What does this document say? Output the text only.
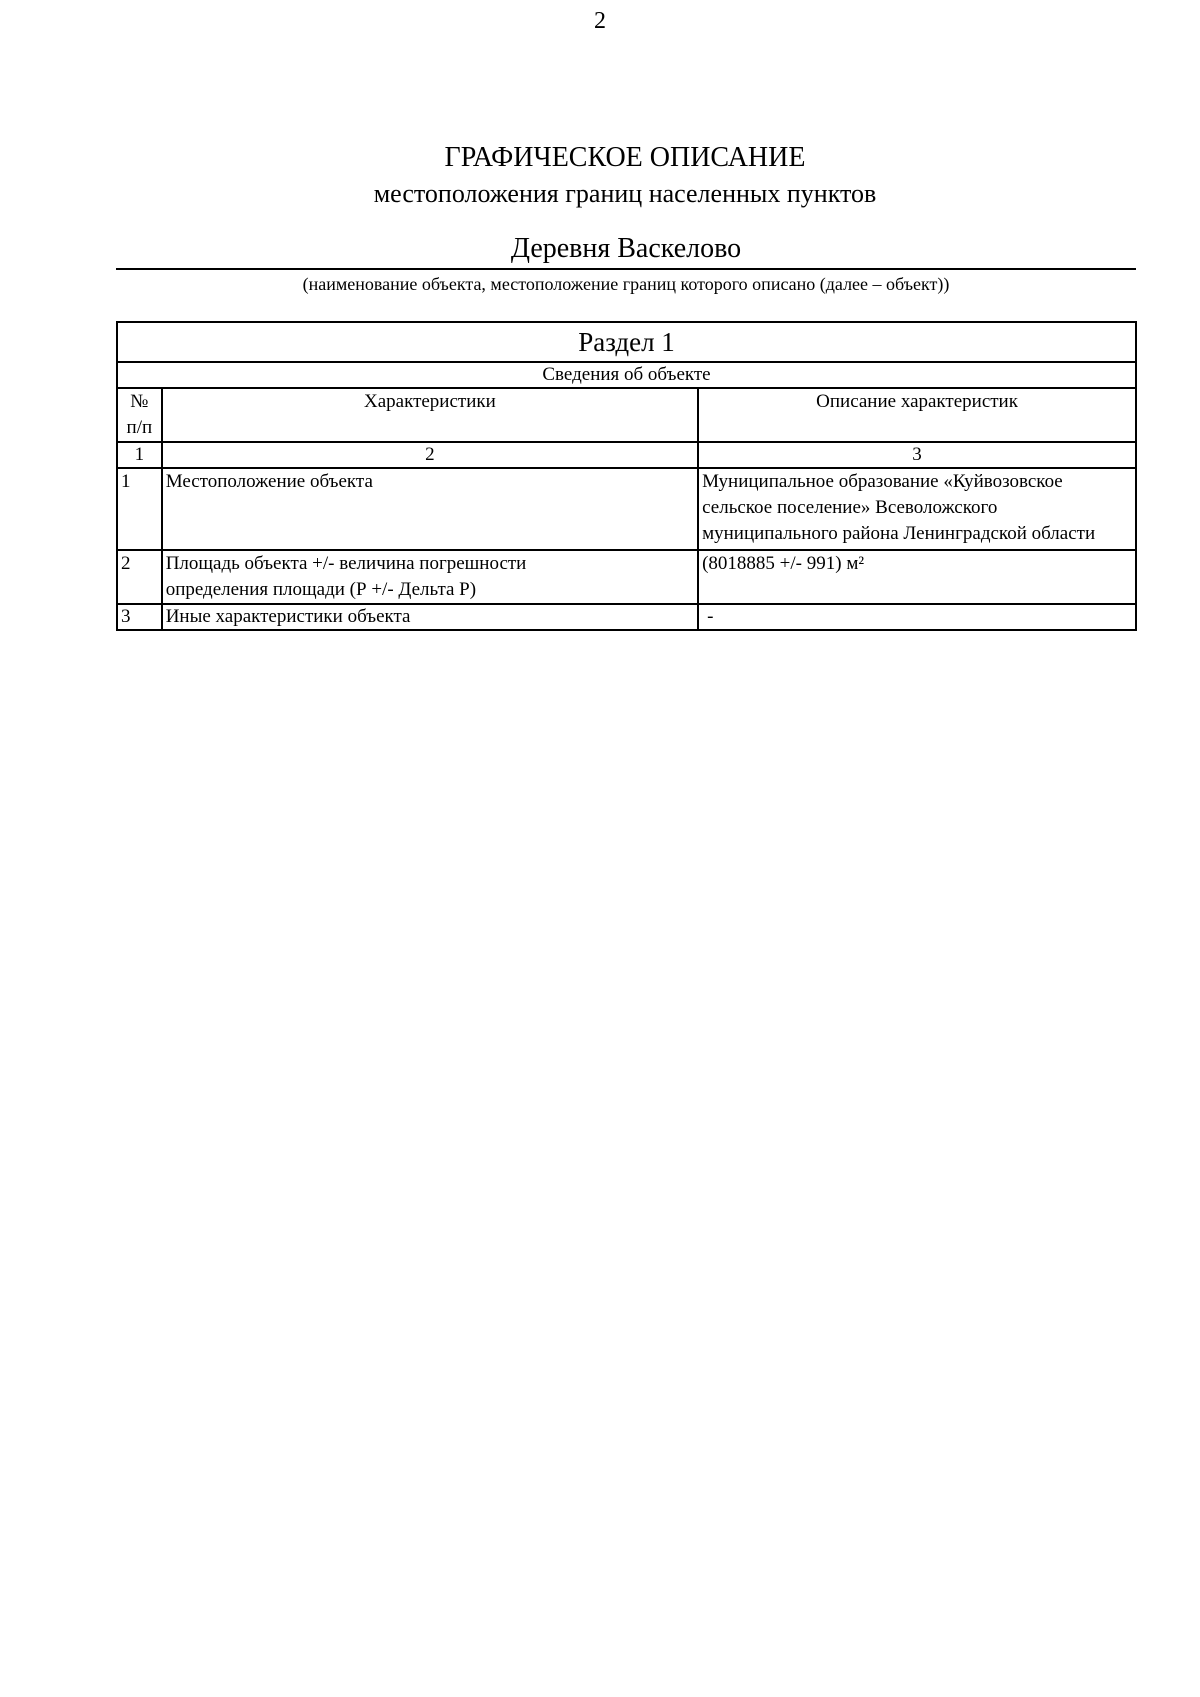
2
ГРАФИЧЕСКОЕ ОПИСАНИЕ
местоположения границ населенных пунктов
Деревня Васкелово
(наименование объекта, местоположение границ которого описано (далее – объект))
Раздел 1		
Сведения об объекте		
№
п/п	Характеристики	Описание характеристик
1	2	3
1	Местоположение объекта	Муниципальное образование «Куйвозовское сельское поселение» Всеволожского муниципального района Ленинградской области
2	Площадь объекта +/- величина погрешности определения площади (Р +/- Дельта Р)	(8018885 +/- 991) м²
3	Иные характеристики объекта	-
